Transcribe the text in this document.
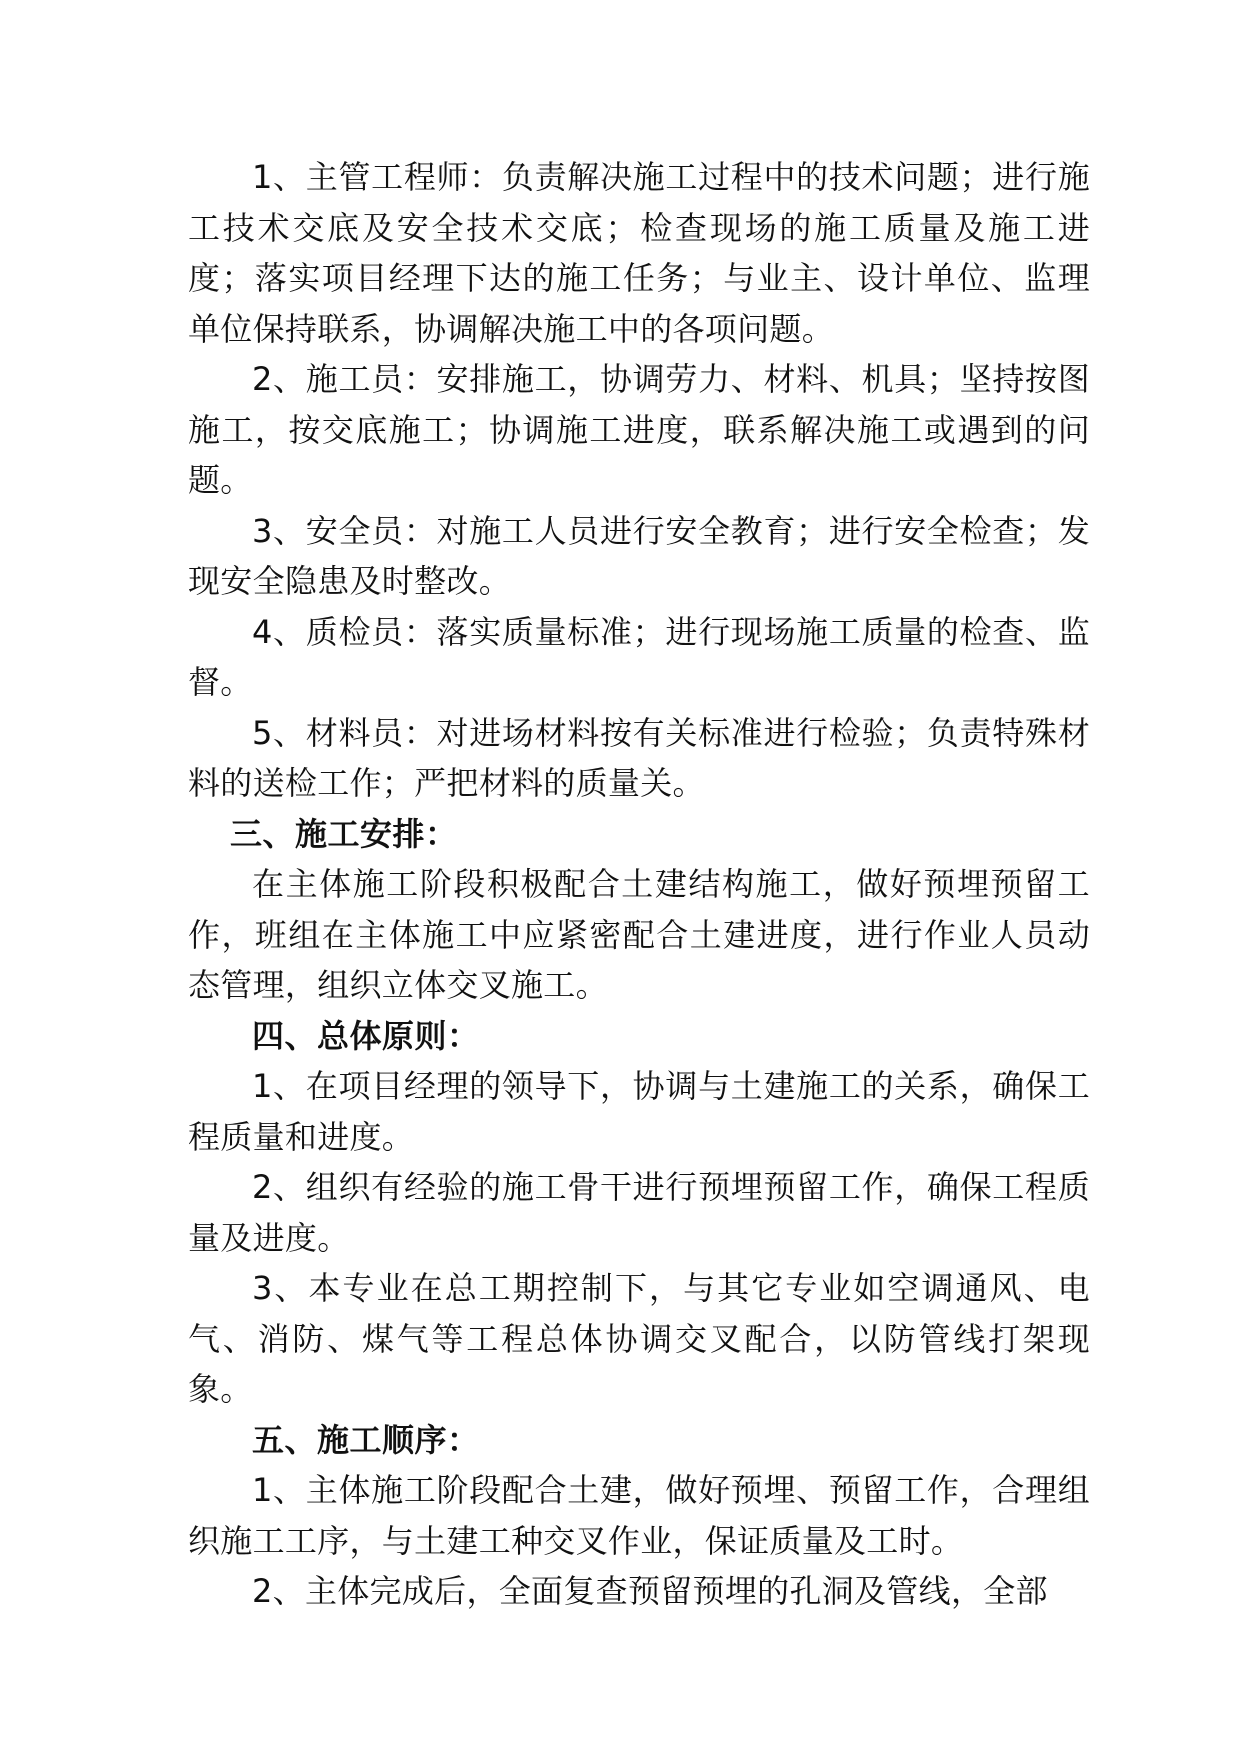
1、主管工程师：负责解决施工过程中的技术问题；进行施工技术交底及安全技术交底；检查现场的施工质量及施工进度；落实项目经理下达的施工任务；与业主、设计单位、监理单位保持联系，协调解决施工中的各项问题。

2、施工员：安排施工，协调劳力、材料、机具；坚持按图施工，按交底施工；协调施工进度，联系解决施工或遇到的问题。

3、安全员：对施工人员进行安全教育；进行安全检查；发现安全隐患及时整改。

4、质检员：落实质量标准；进行现场施工质量的检查、监督。

5、材料员：对进场材料按有关标准进行检验；负责特殊材料的送检工作；严把材料的质量关。

三、施工安排：

在主体施工阶段积极配合土建结构施工，做好预埋预留工作，班组在主体施工中应紧密配合土建进度，进行作业人员动态管理，组织立体交叉施工。

四、总体原则：

1、在项目经理的领导下，协调与土建施工的关系，确保工程质量和进度。

2、组织有经验的施工骨干进行预埋预留工作，确保工程质量及进度。

3、本专业在总工期控制下，与其它专业如空调通风、电气、消防、煤气等工程总体协调交叉配合，以防管线打架现象。

五、施工顺序：

1、主体施工阶段配合土建，做好预埋、预留工作，合理组织施工工序，与土建工种交叉作业，保证质量及工时。

2、主体完成后，全面复查预留预埋的孔洞及管线，全部
